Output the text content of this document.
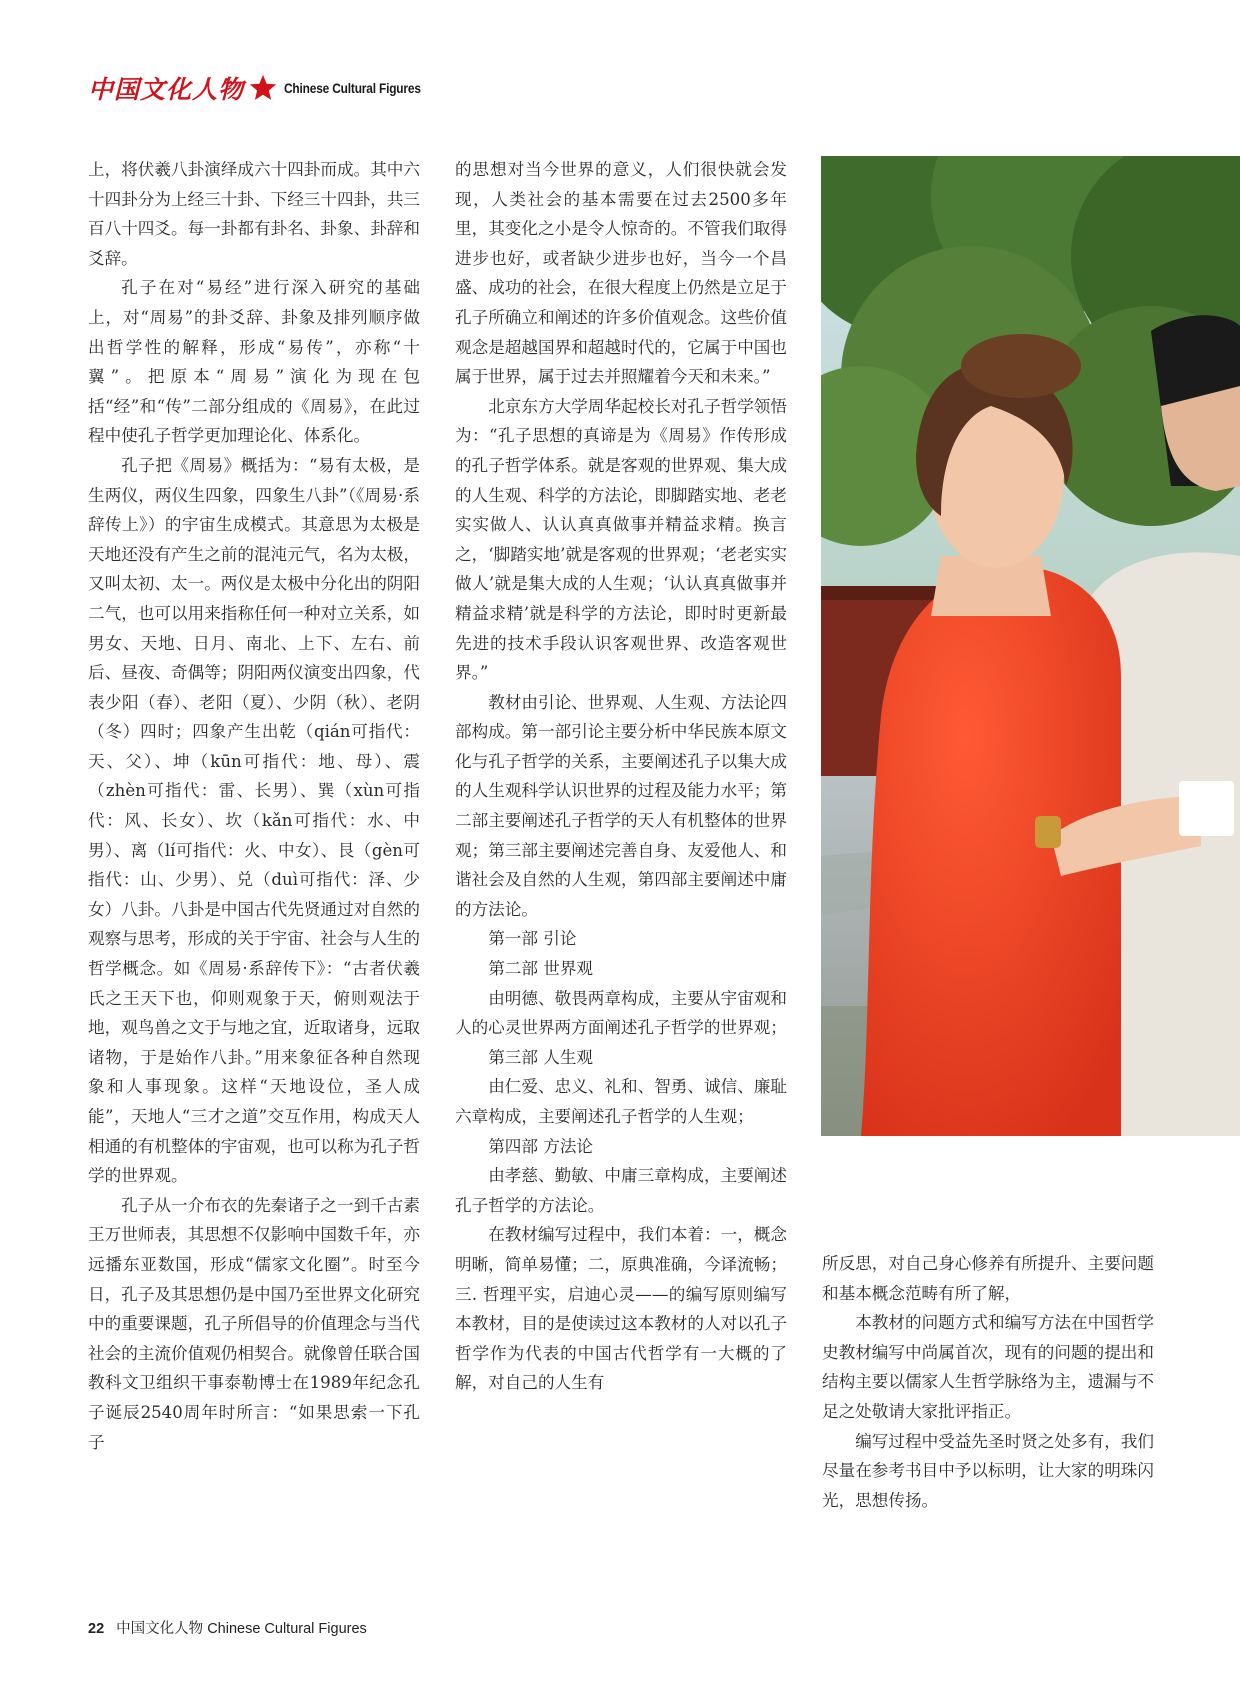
中国文化人物	Chinese Cultural Figures

上，将伏羲八卦演绎成六十四卦而成。其中六十四卦分为上经三十卦、下经三十四卦，共三百八十四爻。每一卦都有卦名、卦象、卦辞和爻辞。

孔子在对“易经”进行深入研究的基础上，对“周易”的卦爻辞、卦象及排列顺序做出哲学性的解释，形成“易传”，亦称“十翼”。把原本“周易”演化为现在包括“经”和“传”二部分组成的《周易》，在此过程中使孔子哲学更加理论化、体系化。

孔子把《周易》概括为：“易有太极，是生两仪，两仪生四象，四象生八卦”（《周易·系辞传上》）的宇宙生成模式。其意思为太极是天地还没有产生之前的混沌元气，名为太极，又叫太初、太一。两仪是太极中分化出的阴阳二气，也可以用来指称任何一种对立关系，如男女、天地、日月、南北、上下、左右、前后、昼夜、奇偶等；阴阳两仪演变出四象，代表少阳（春）、老阳（夏）、少阴（秋）、老阴（冬）四时；四象产生出乾（qián可指代：天、父）、坤（kūn可指代：地、母）、震（zhèn可指代：雷、长男）、巽（xùn可指代：风、长女）、坎（kǎn可指代：水、中男）、离（lí可指代：火、中女）、艮（gèn可指代：山、少男）、兑（duì可指代：泽、少女）八卦。八卦是中国古代先贤通过对自然的观察与思考，形成的关于宇宙、社会与人生的哲学概念。如《周易·系辞传下》：“古者伏羲氏之王天下也，仰则观象于天，俯则观法于地，观鸟兽之文于与地之宜，近取诸身，远取诸物，于是始作八卦。”用来象征各种自然现象和人事现象。这样“天地设位，圣人成能”，天地人“三才之道”交互作用，构成天人相通的有机整体的宇宙观，也可以称为孔子哲学的世界观。

孔子从一介布衣的先秦诸子之一到千古素王万世师表，其思想不仅影响中国数千年，亦远播东亚数国，形成“儒家文化圈”。时至今日，孔子及其思想仍是中国乃至世界文化研究中的重要课题，孔子所倡导的价值理念与当代社会的主流价值观仍相契合。就像曾任联合国教科文卫组织干事泰勒博士在1989年纪念孔子诞辰2540周年时所言：“如果思索一下孔子

的思想对当今世界的意义，人们很快就会发现，人类社会的基本需要在过去2500多年里，其变化之小是令人惊奇的。不管我们取得进步也好，或者缺少进步也好，当今一个昌盛、成功的社会，在很大程度上仍然是立足于孔子所确立和阐述的许多价值观念。这些价值观念是超越国界和超越时代的，它属于中国也属于世界，属于过去并照耀着今天和未来。”

北京东方大学周华起校长对孔子哲学领悟为：“孔子思想的真谛是为《周易》作传形成的孔子哲学体系。就是客观的世界观、集大成的人生观、科学的方法论，即脚踏实地、老老实实做人、认认真真做事并精益求精。换言之，‘脚踏实地’就是客观的世界观；‘老老实实做人’就是集大成的人生观；‘认认真真做事并精益求精’就是科学的方法论，即时时更新最先进的技术手段认识客观世界、改造客观世界。”

教材由引论、世界观、人生观、方法论四部构成。第一部引论主要分析中华民族本原文化与孔子哲学的关系，主要阐述孔子以集大成的人生观科学认识世界的过程及能力水平；第二部主要阐述孔子哲学的天人有机整体的世界观；第三部主要阐述完善自身、友爱他人、和谐社会及自然的人生观，第四部主要阐述中庸的方法论。

第一部 引论

第二部 世界观

由明德、敬畏两章构成，主要从宇宙观和人的心灵世界两方面阐述孔子哲学的世界观；

第三部 人生观

由仁爱、忠义、礼和、智勇、诚信、廉耻六章构成，主要阐述孔子哲学的人生观；

第四部 方法论

由孝慈、勤敏、中庸三章构成，主要阐述孔子哲学的方法论。

在教材编写过程中，我们本着：一，概念明晰，简单易懂；二，原典准确，今译流畅；三. 哲理平实，启迪心灵——的编写原则编写本教材，目的是使读过这本教材的人对以孔子哲学作为代表的中国古代哲学有一大概的了解，对自己的人生有

所反思，对自己身心修养有所提升、主要问题和基本概念范畴有所了解，

本教材的问题方式和编写方法在中国哲学史教材编写中尚属首次，现有的问题的提出和结构主要以儒家人生哲学脉络为主，遗漏与不足之处敬请大家批评指正。

编写过程中受益先圣时贤之处多有，我们尽量在参考书目中予以标明，让大家的明珠闪光，思想传扬。

22 中国文化人物 Chinese Cultural Figures
